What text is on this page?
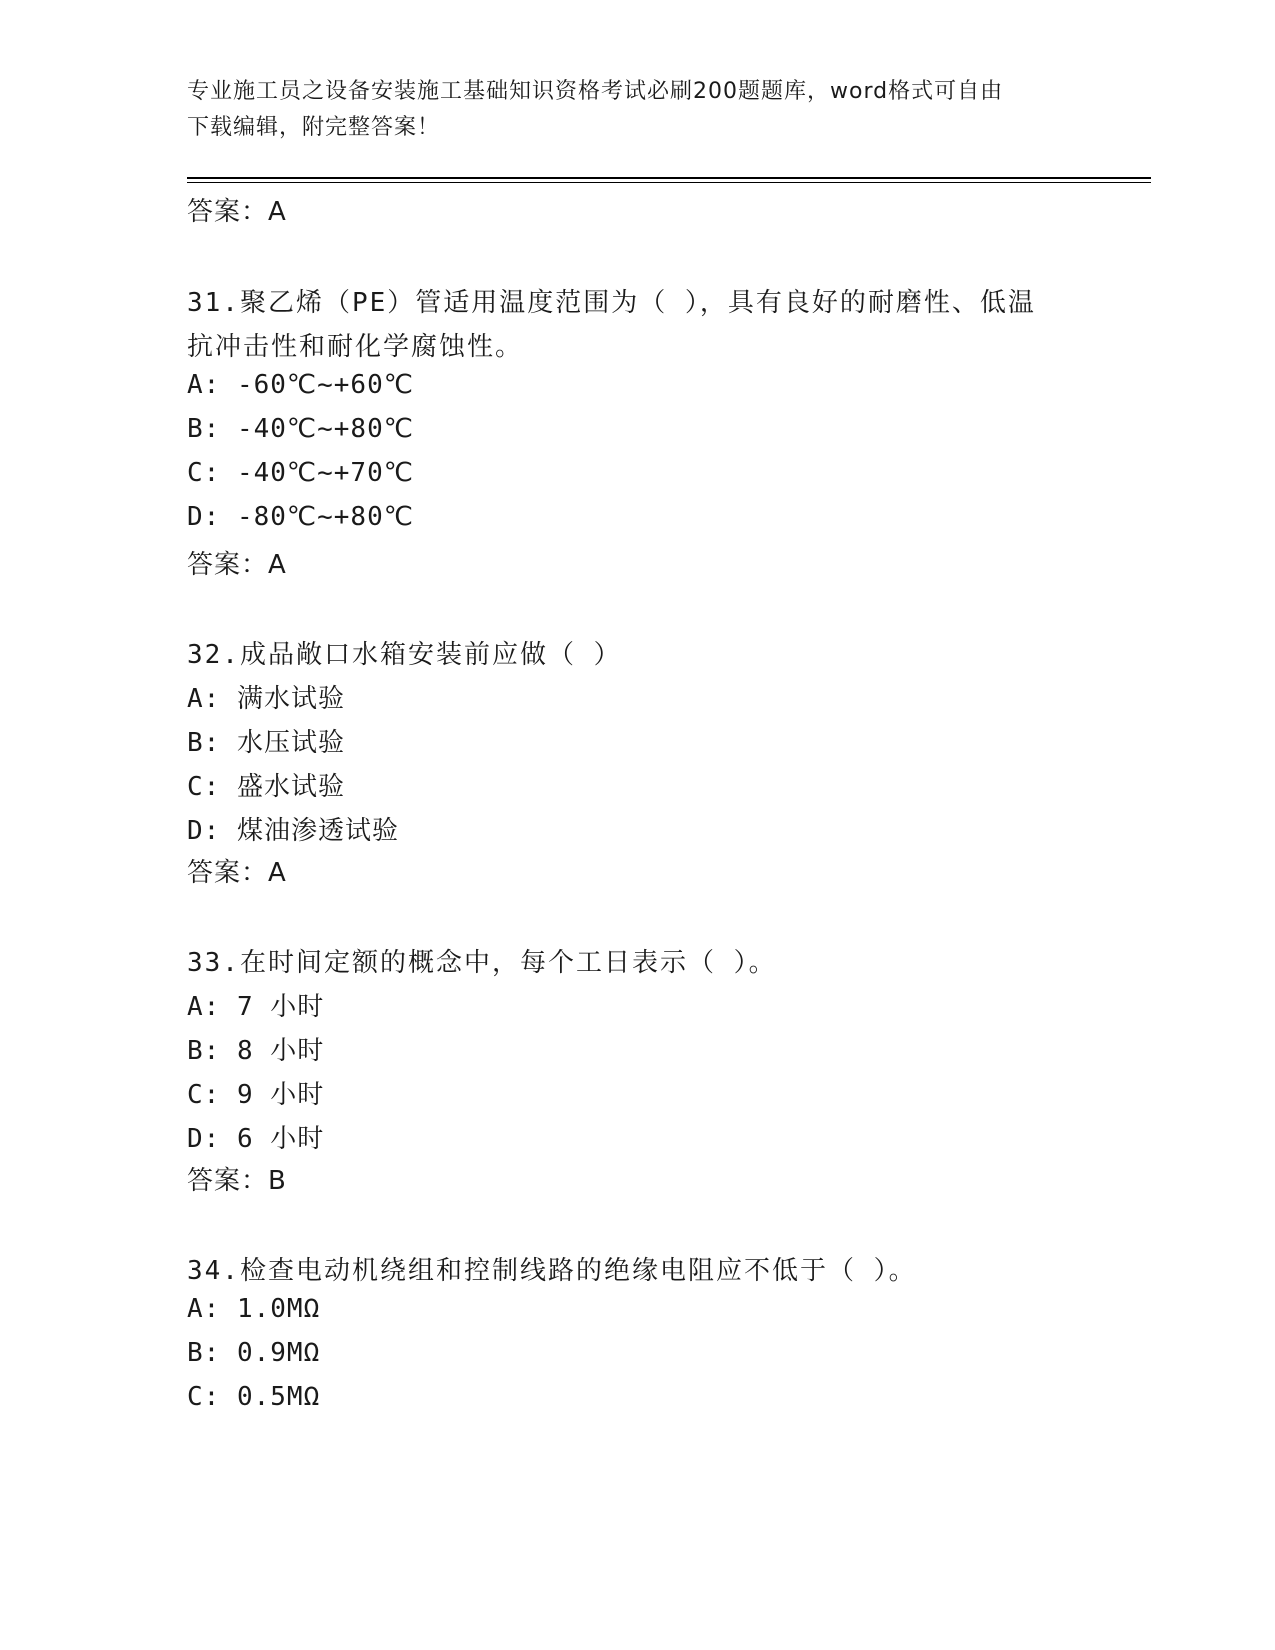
专业施工员之设备安装施工基础知识资格考试必刷200题题库，word格式可自由
下载编辑，附完整答案！
答案：A
31.聚乙烯（PE）管适用温度范围为（ ），具有良好的耐磨性、低温
抗冲击性和耐化学腐蚀性。
A: -60℃~+60℃
B: -40℃~+80℃
C: -40℃~+70℃
D: -80℃~+80℃
答案：A
32.成品敞口水箱安装前应做（ ）
A: 满水试验
B: 水压试验
C: 盛水试验
D: 煤油渗透试验
答案：A
33.在时间定额的概念中，每个工日表示（ ）。
A: 7 小时
B: 8 小时
C: 9 小时
D: 6 小时
答案：B
34.检查电动机绕组和控制线路的绝缘电阻应不低于（ ）。
A: 1.0MΩ
B: 0.9MΩ
C: 0.5MΩ
